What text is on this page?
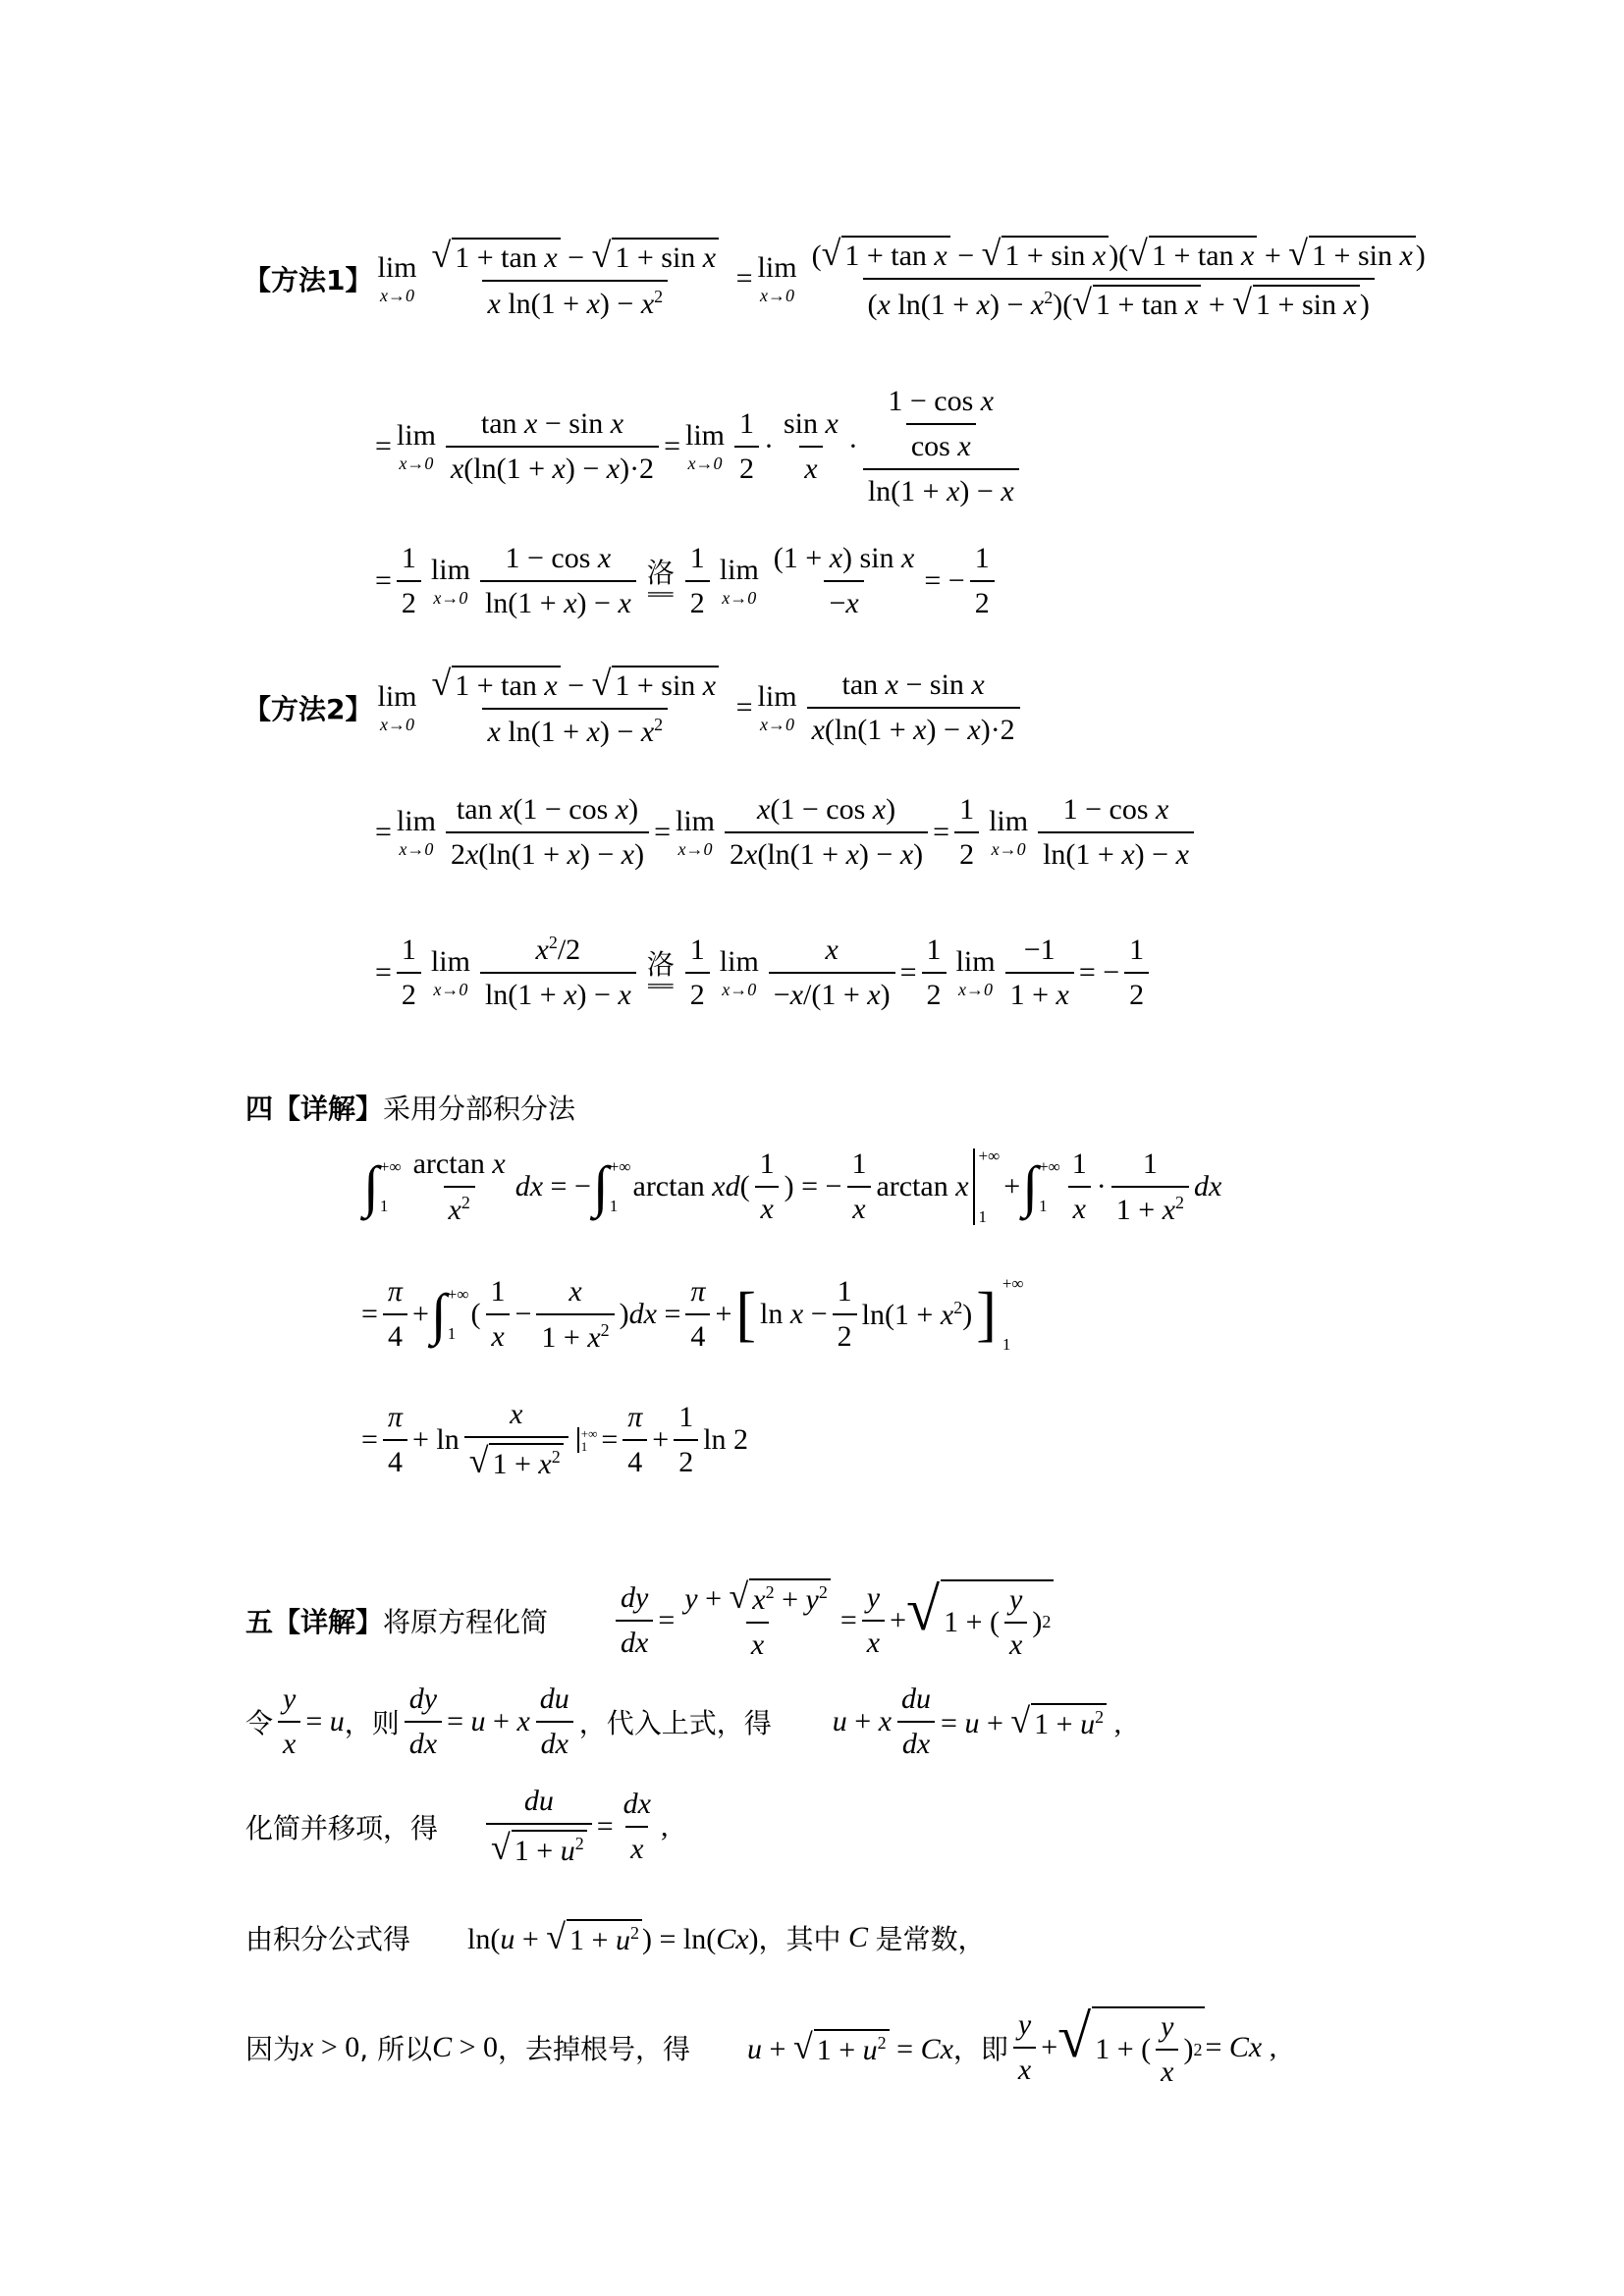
【方法1】 lim
$x\to 0 \frac{\text{√ 1 + tan x − √ 1 + sin x}}{x \ln(1 + x) - x^2} = \lim$
$x\to 0 \frac{\text{( √ 1 + tan x − √ 1 + sin x )( √ 1 + tan x + √ 1 + sin x )}}{(x \ln(1 + x) - x^2)( √ 1 + \tan x + √ 1 + \sin x )}$
= lim
$x\to 0 \frac{\text{tan x − sin x}}{x(\ln(1 + x) - x)\cdot 2} = \lim$
$x\to 0 \frac{1}{2} \cdot \frac{\text{sin x}}{x} \cdot \frac{\frac{\text{1 − cos x}}{\text{cos x}}}{\ln(1 + x) - x}$
= $\frac{1}{2}$ lim
$x\to 0 \frac{\text{1 − cos x}}{\ln(1 + x) - x}$ 洛
══ $\frac{1}{2}$ lim
$x\to 0 \frac{\text{(1 + x) sin x}}{-x}$ = − $\frac{1}{2}$
【方法2】 lim
$x\to 0 \frac{\text{√ 1 + tan x − √ 1 + sin x}}{x \ln(1 + x) - x^2} = \lim$
$x\to 0 \frac{\text{tan x − sin x}}{x(\ln(1 + x) - x)\cdot 2}$
= lim
$x\to 0 \frac{\text{tan x(1 − cos x)}}{2x(\ln(1 + x) - x)} = \lim$
$x\to 0 \frac{\text{x(1 − cos x)}}{2x(\ln(1 + x) - x)} = \frac{1}{2}$ lim
$x\to 0 \frac{\text{1 − cos x}}{\ln(1 + x) - x}$
= $\frac{1}{2}$ lim
$x\to 0 \frac{x^2/2}{\ln(1 + x) - x}$ 洛
══ $\frac{1}{2}$ lim
$x\to 0 \frac{x}{-x/(1 + x)} = \frac{1}{2}$ lim
$x\to 0 \frac{-1}{1 + x}$ = − $\frac{1}{2}$
四【详解】 采用分部积分法
∫ +∞
$1 \frac{\text{arctan x}}{x^2}$ dx = − ∫ +∞
1
$\arctan xd( \frac{1}{x}$ ) = − $\frac{1}{x}$ arctan x
+∞
1
+ ∫ +∞
$1 \frac{1}{x} \cdot \frac{1}{1 + x^2}$ dx
= $\frac{\pi}{4}$ + ∫ +∞
1
( $\frac{1}{x} - \frac{x}{1 + x^2} )dx = \frac{\pi}{4}$ + [ $\ln x - \frac{1}{2} \ln(1 + x^2)$ ] +∞
1
= $\frac{\pi}{4} + \ln \frac{x}{√ 1 + x^2}$ +∞
$1 = \frac{\pi}{4} + \frac{1}{2}$ ln 2
五【详解】 将原方程化简 $\frac{dy}{dx} = \frac{y + √ x^2 + y^2}{x} = \frac{y}{x}$ + √ 1 + ( $\frac{y}{x}$ ) 2
令 $\frac{y}{x} = u$ ，则 $\frac{dy}{dx} = u + x \frac{du}{dx}$ ，代入上式，得 u + x $\frac{du}{dx} = u$ + √ $1 + u^2$ ,
化简并移项，得 $\frac{du}{√ 1 + u^2} = \frac{dx}{x}$ ,
由积分公式得 ln(u + √ $1 + u^2$ ) = ln(Cx) ，其中 C 是常数，
因为 x > 0 , 所以 C > 0 ，去掉根号，得 u + √ $1 + u^2 = Cx$ ，即 $\frac{y}{x}$ + √ 1 + ( $\frac{y}{x}$ ) 2 = Cx ,
